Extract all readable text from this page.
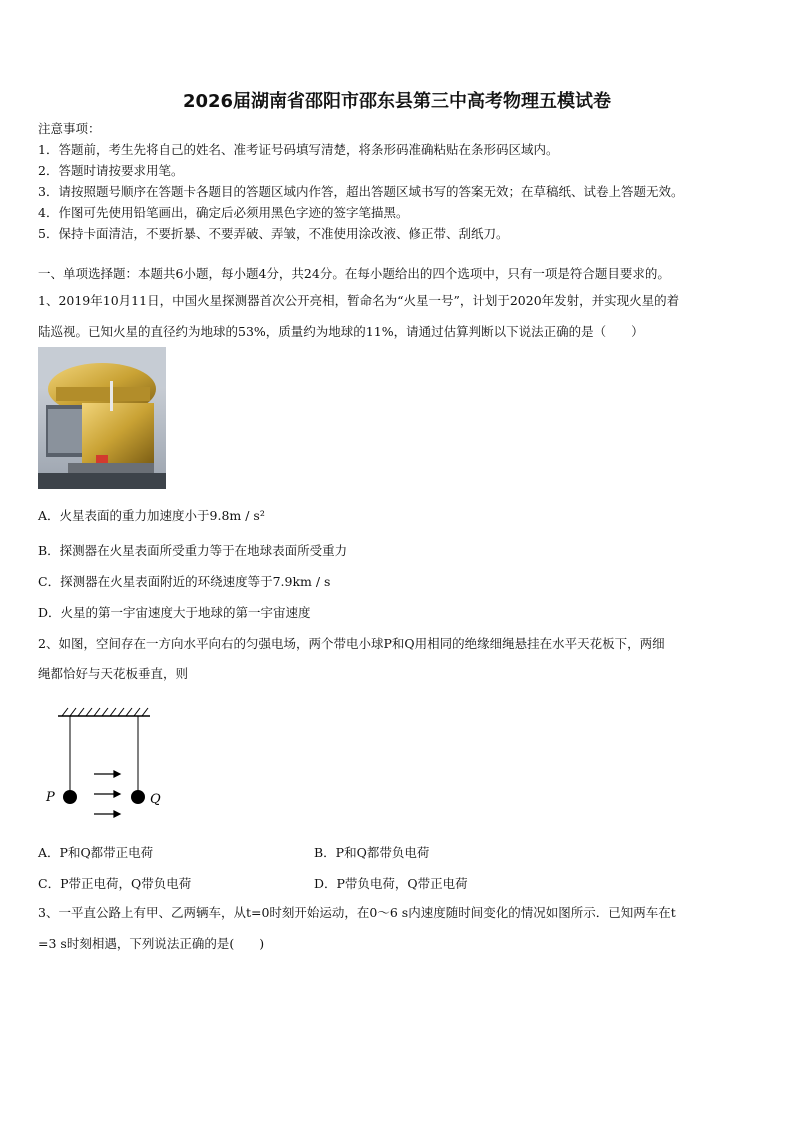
2026届湖南省邵阳市邵东县第三中高考物理五模试卷
注意事项：
1．答题前，考生先将自己的姓名、准考证号码填写清楚，将条形码准确粘贴在条形码区域内。
2．答题时请按要求用笔。
3．请按照题号顺序在答题卡各题目的答题区域内作答，超出答题区域书写的答案无效；在草稿纸、试卷上答题无效。
4．作图可先使用铅笔画出，确定后必须用黑色字迹的签字笔描黑。
5．保持卡面清洁，不要折暴、不要弄破、弄皱，不准使用涂改液、修正带、刮纸刀。
一、单项选择题：本题共6小题，每小题4分，共24分。在每小题给出的四个选项中，只有一项是符合题目要求的。
1、2019年10月11日，中国火星探测器首次公开亮相，暂命名为“火星一号”，计划于2020年发射，并实现火星的着
陆巡视。已知火星的直径约为地球的53%，质量约为地球的11%，请通过估算判断以下说法正确的是（　　）
A．火星表面的重力加速度小于9.8m / s²
B．探测器在火星表面所受重力等于在地球表面所受重力
C．探测器在火星表面附近的环绕速度等于7.9km / s
D．火星的第一宇宙速度大于地球的第一宇宙速度
2、如图，空间存在一方向水平向右的匀强电场，两个带电小球P和Q用相同的绝缘细绳悬挂在水平天花板下，两细
绳都恰好与天花板垂直，则
P	Q
A．P和Q都带正电荷	B．P和Q都带负电荷
C．P带正电荷，Q带负电荷	D．P带负电荷，Q带正电荷
3、一平直公路上有甲、乙两辆车，从t=0时刻开始运动，在0～6 s内速度随时间变化的情况如图所示．已知两车在t
=3 s时刻相遇，下列说法正确的是(　　)
